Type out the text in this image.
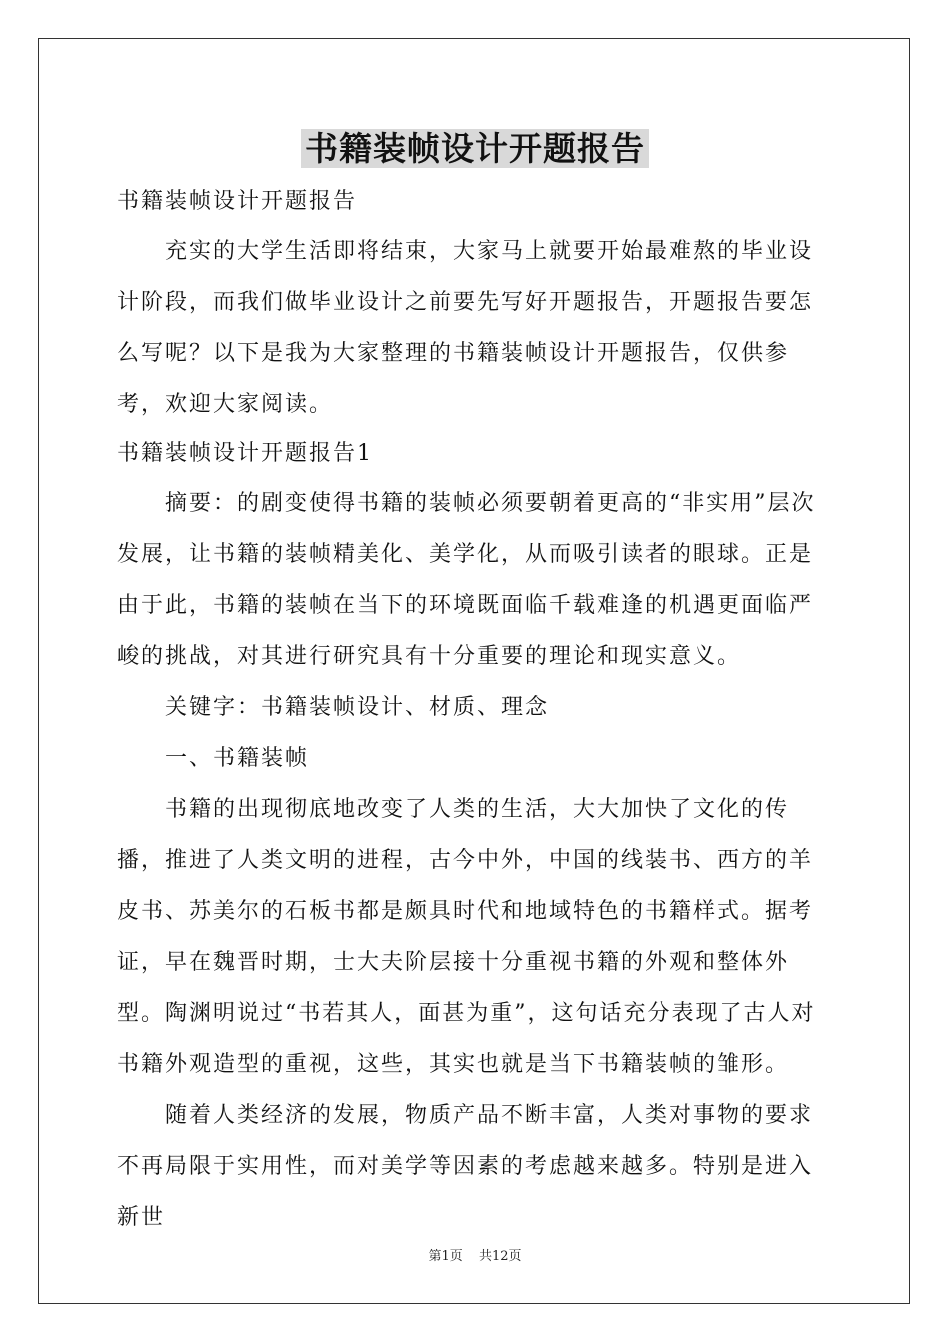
书籍装帧设计开题报告

书籍装帧设计开题报告

充实的大学生活即将结束，大家马上就要开始最难熬的毕业设计阶段，而我们做毕业设计之前要先写好开题报告，开题报告要怎么写呢？以下是我为大家整理的书籍装帧设计开题报告，仅供参考，欢迎大家阅读。

书籍装帧设计开题报告1

摘要：的剧变使得书籍的装帧必须要朝着更高的“非实用”层次发展，让书籍的装帧精美化、美学化，从而吸引读者的眼球。正是由于此，书籍的装帧在当下的环境既面临千载难逢的机遇更面临严峻的挑战，对其进行研究具有十分重要的理论和现实意义。

关键字：书籍装帧设计、材质、理念

一、书籍装帧

书籍的出现彻底地改变了人类的生活，大大加快了文化的传播，推进了人类文明的进程，古今中外，中国的线装书、西方的羊皮书、苏美尔的石板书都是颇具时代和地域特色的书籍样式。据考证，早在魏晋时期，士大夫阶层接十分重视书籍的外观和整体外型。陶渊明说过“书若其人，面甚为重”，这句话充分表现了古人对书籍外观造型的重视，这些，其实也就是当下书籍装帧的雏形。

随着人类经济的发展，物质产品不断丰富，人类对事物的要求不再局限于实用性，而对美学等因素的考虑越来越多。特别是进入新世

第1页 共12页
